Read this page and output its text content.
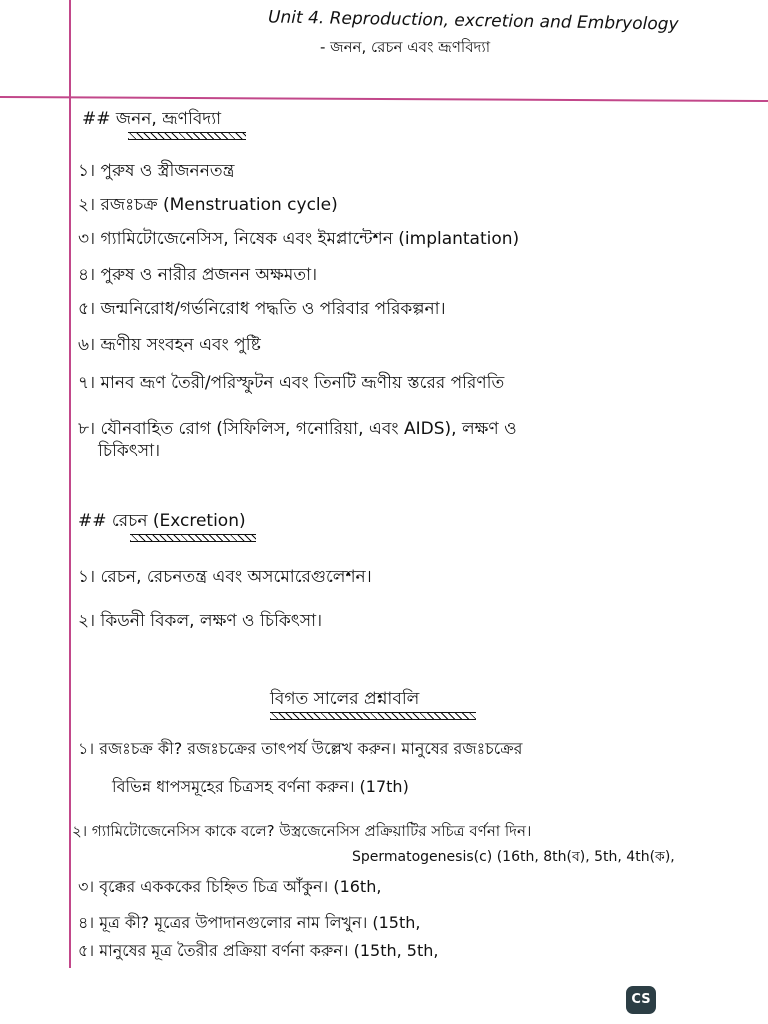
Unit 4. Reproduction, excretion and Embryology
- জনন, রেচন এবং ভ্রূণবিদ্যা
## জনন, ভ্রূণবিদ্যা
১। পুরুষ ও স্ত্রীজননতন্ত্র
২। রজঃচক্র (Menstruation cycle)
৩। গ্যামিটোজেনেসিস, নিষেক এবং ইমপ্লান্টেশন (implantation)
৪। পুরুষ ও নারীর প্রজনন অক্ষমতা।
৫। জন্মনিরোধ/গর্ভনিরোধ পদ্ধতি ও পরিবার পরিকল্পনা।
৬। ভ্রূণীয় সংবহন এবং পুষ্টি
৭। মানব ভ্রূণ তৈরী/পরিস্ফুটন এবং তিনটি ভ্রূণীয় স্তরের পরিণতি
৮। যৌনবাহিত রোগ (সিফিলিস, গনোরিয়া, এবং AIDS), লক্ষণ ও
চিকিৎসা।
## রেচন (Excretion)
১। রেচন, রেচনতন্ত্র এবং অসমোরেগুলেশন।
২। কিডনী বিকল, লক্ষণ ও চিকিৎসা।
বিগত সালের প্রশ্নাবলি
১। রজঃচক্র কী? রজঃচক্রের তাৎপর্য উল্লেখ করুন। মানুষের রজঃচক্রের
বিভিন্ন ধাপসমূহের চিত্রসহ বর্ণনা করুন। (17th)
২। গ্যামিটোজেনেসিস কাকে বলে? উস্ত্রজেনেসিস প্রক্রিয়াটির সচিত্র বর্ণনা দিন।
Spermatogenesis(c) (16th, 8th(ব), 5th, 4th(ক),
৩। বৃক্কের একককের চিহ্নিত চিত্র আঁকুন। (16th,
৪। মূত্র কী? মূত্রের উপাদানগুলোর নাম লিখুন। (15th,
৫। মানুষের মূত্র তৈরীর প্রক্রিয়া বর্ণনা করুন। (15th, 5th,
CS
